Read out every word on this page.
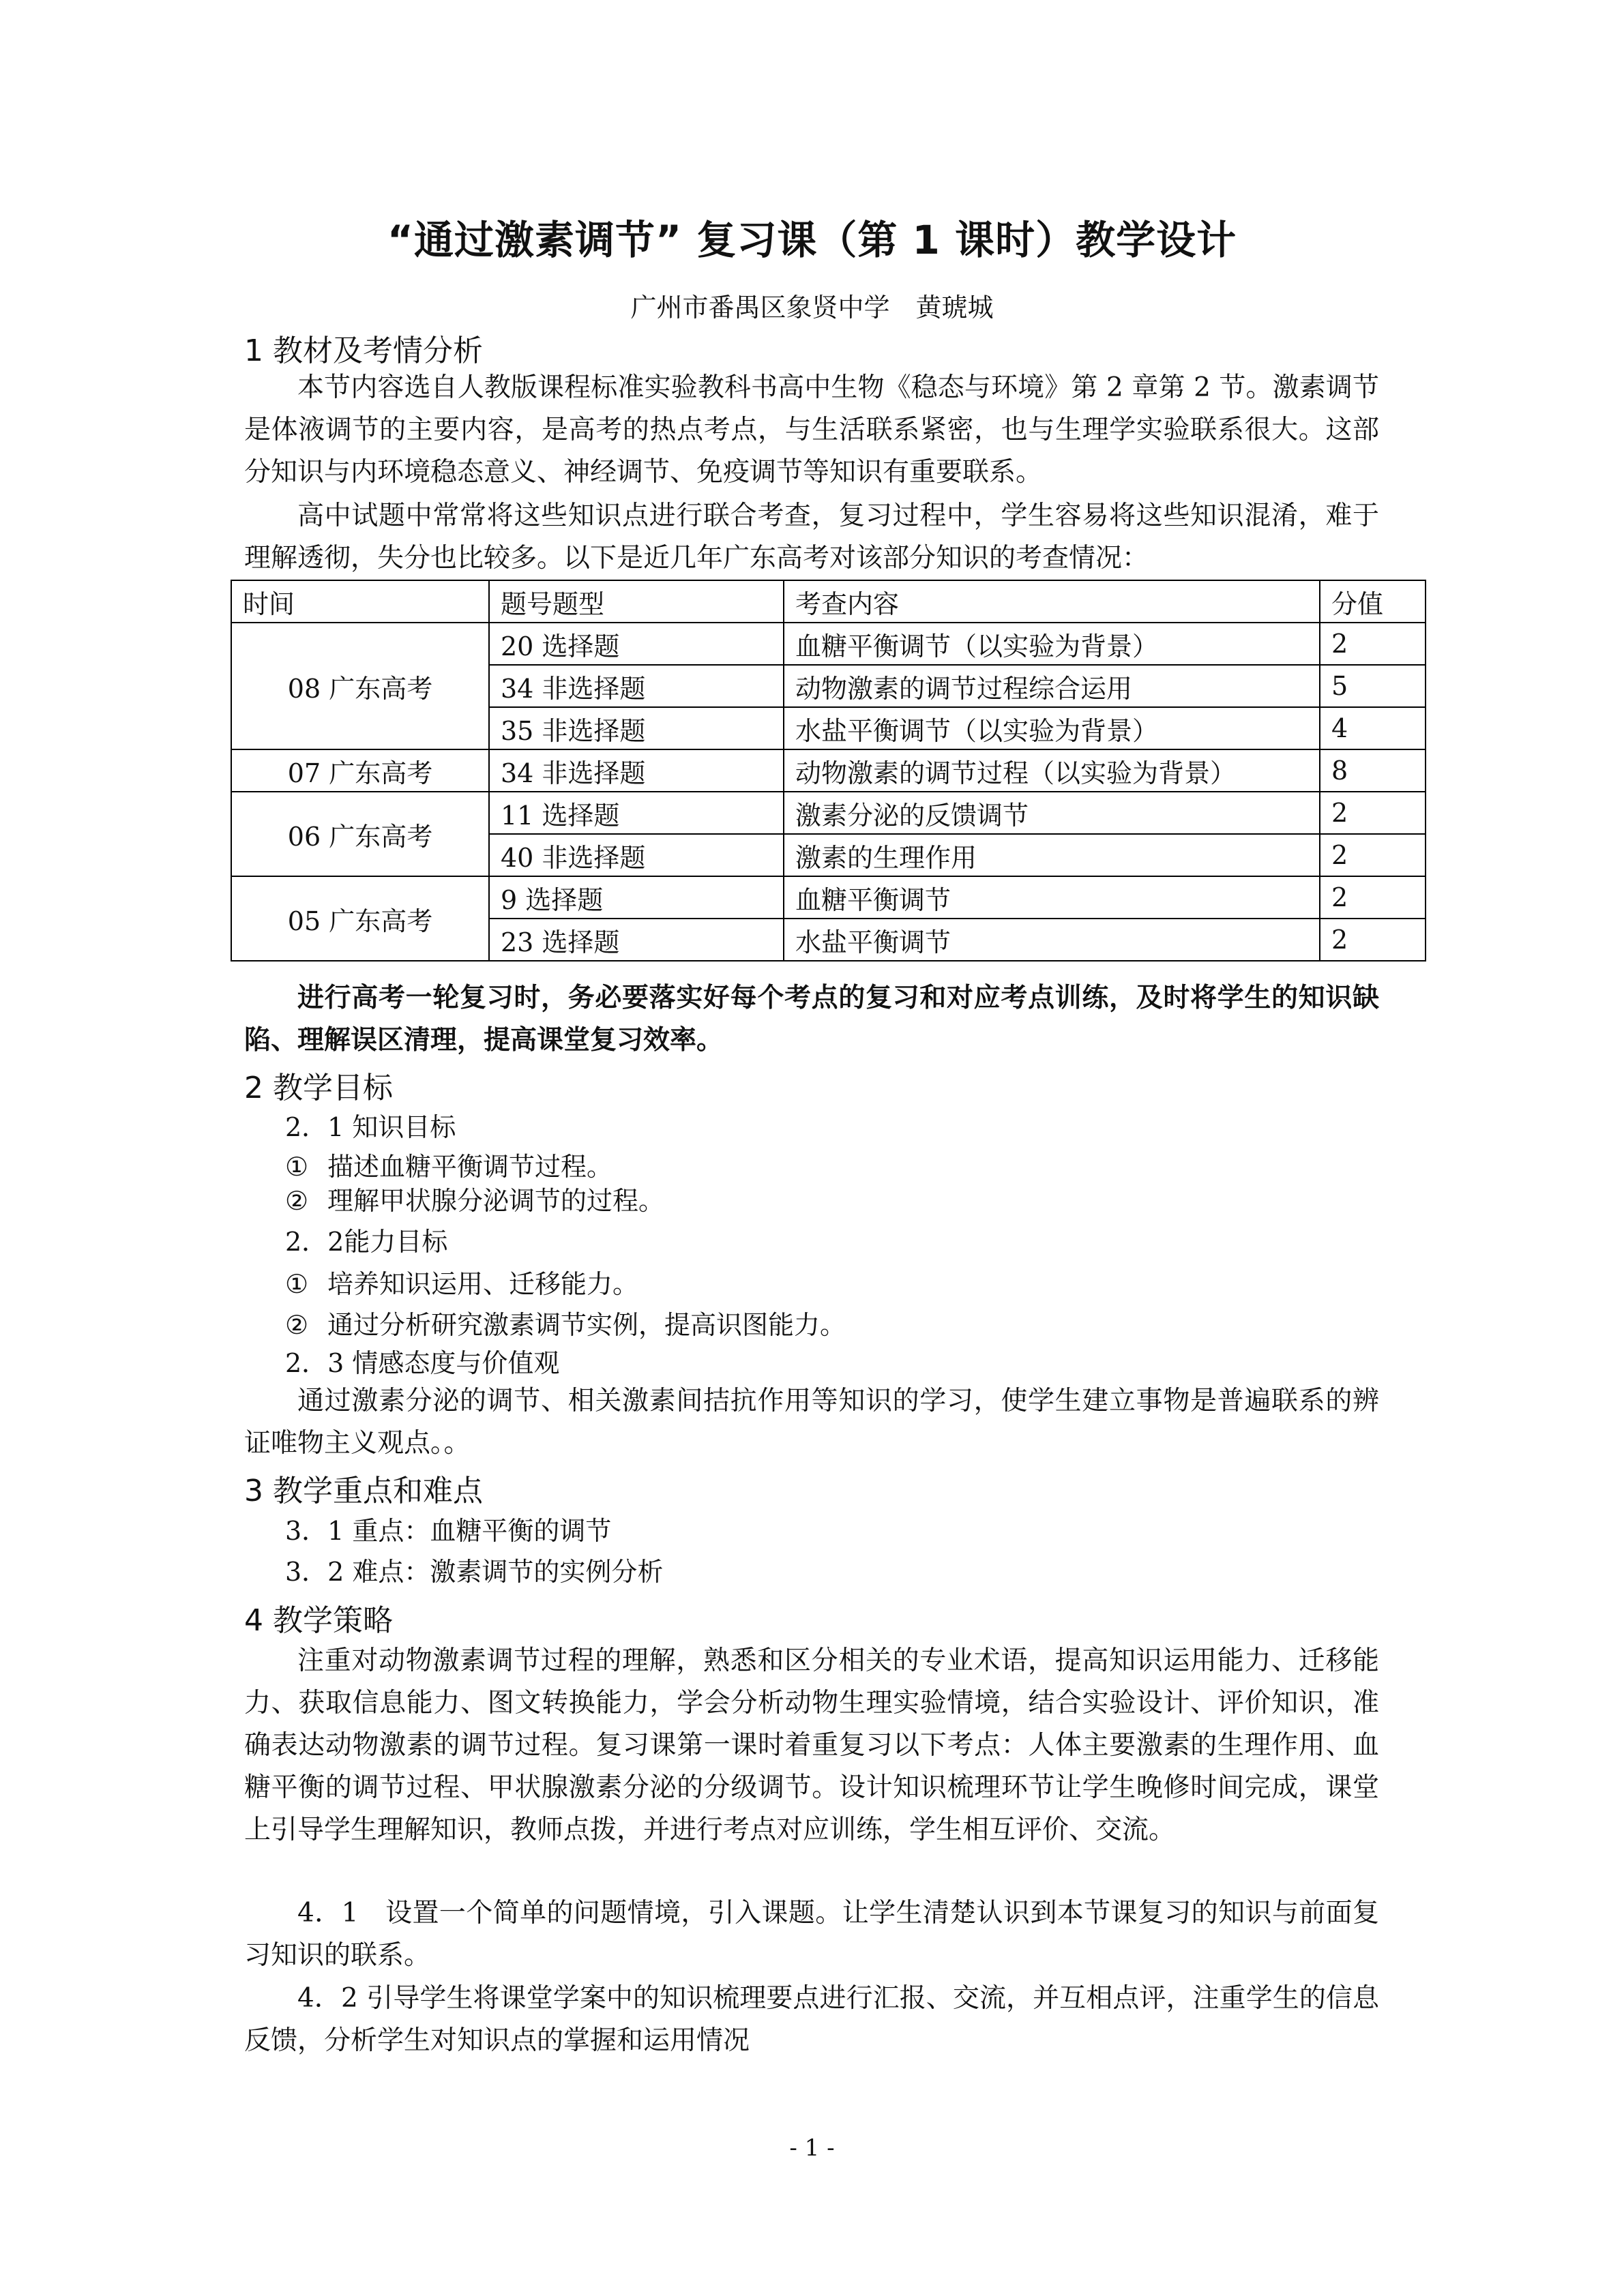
“通过激素调节” 复习课（第 1 课时）教学设计
广州市番禺区象贤中学　黄琥城
1 教材及考情分析
本节内容选自人教版课程标准实验教科书高中生物《稳态与环境》第 2 章第 2 节。激素调节是体液调节的主要内容，是高考的热点考点，与生活联系紧密，也与生理学实验联系很大。这部分知识与内环境稳态意义、神经调节、免疫调节等知识有重要联系。
高中试题中常常将这些知识点进行联合考查，复习过程中，学生容易将这些知识混淆，难于理解透彻，失分也比较多。以下是近几年广东高考对该部分知识的考查情况：
时间	题号题型	考查内容	分值
08 广东高考	20 选择题	血糖平衡调节（以实验为背景）	2
	34 非选择题	动物激素的调节过程综合运用	5
	35 非选择题	水盐平衡调节（以实验为背景）	4
07 广东高考	34 非选择题	动物激素的调节过程（以实验为背景）	8
06 广东高考	11 选择题	激素分泌的反馈调节	2
	40 非选择题	激素的生理作用	2
05 广东高考	9 选择题	血糖平衡调节	2
	23 选择题	水盐平衡调节	2
进行高考一轮复习时，务必要落实好每个考点的复习和对应考点训练，及时将学生的知识缺陷、理解误区清理，提高课堂复习效率。
2 教学目标
2．1 知识目标
① 描述血糖平衡调节过程。
② 理解甲状腺分泌调节的过程。
2．2能力目标
① 培养知识运用、迁移能力。
② 通过分析研究激素调节实例，提高识图能力。
2．3 情感态度与价值观
通过激素分泌的调节、相关激素间拮抗作用等知识的学习，使学生建立事物是普遍联系的辨证唯物主义观点。。
3 教学重点和难点
3．1 重点：血糖平衡的调节
3．2 难点：激素调节的实例分析
4 教学策略
注重对动物激素调节过程的理解，熟悉和区分相关的专业术语，提高知识运用能力、迁移能力、获取信息能力、图文转换能力，学会分析动物生理实验情境，结合实验设计、评价知识，准确表达动物激素的调节过程。复习课第一课时着重复习以下考点：人体主要激素的生理作用、血糖平衡的调节过程、甲状腺激素分泌的分级调节。设计知识梳理环节让学生晚修时间完成，课堂上引导学生理解知识，教师点拨，并进行考点对应训练，学生相互评价、交流。
4．1　设置一个简单的问题情境，引入课题。让学生清楚认识到本节课复习的知识与前面复习知识的联系。
4．2 引导学生将课堂学案中的知识梳理要点进行汇报、交流，并互相点评，注重学生的信息反馈，分析学生对知识点的掌握和运用情况
- 1 -
